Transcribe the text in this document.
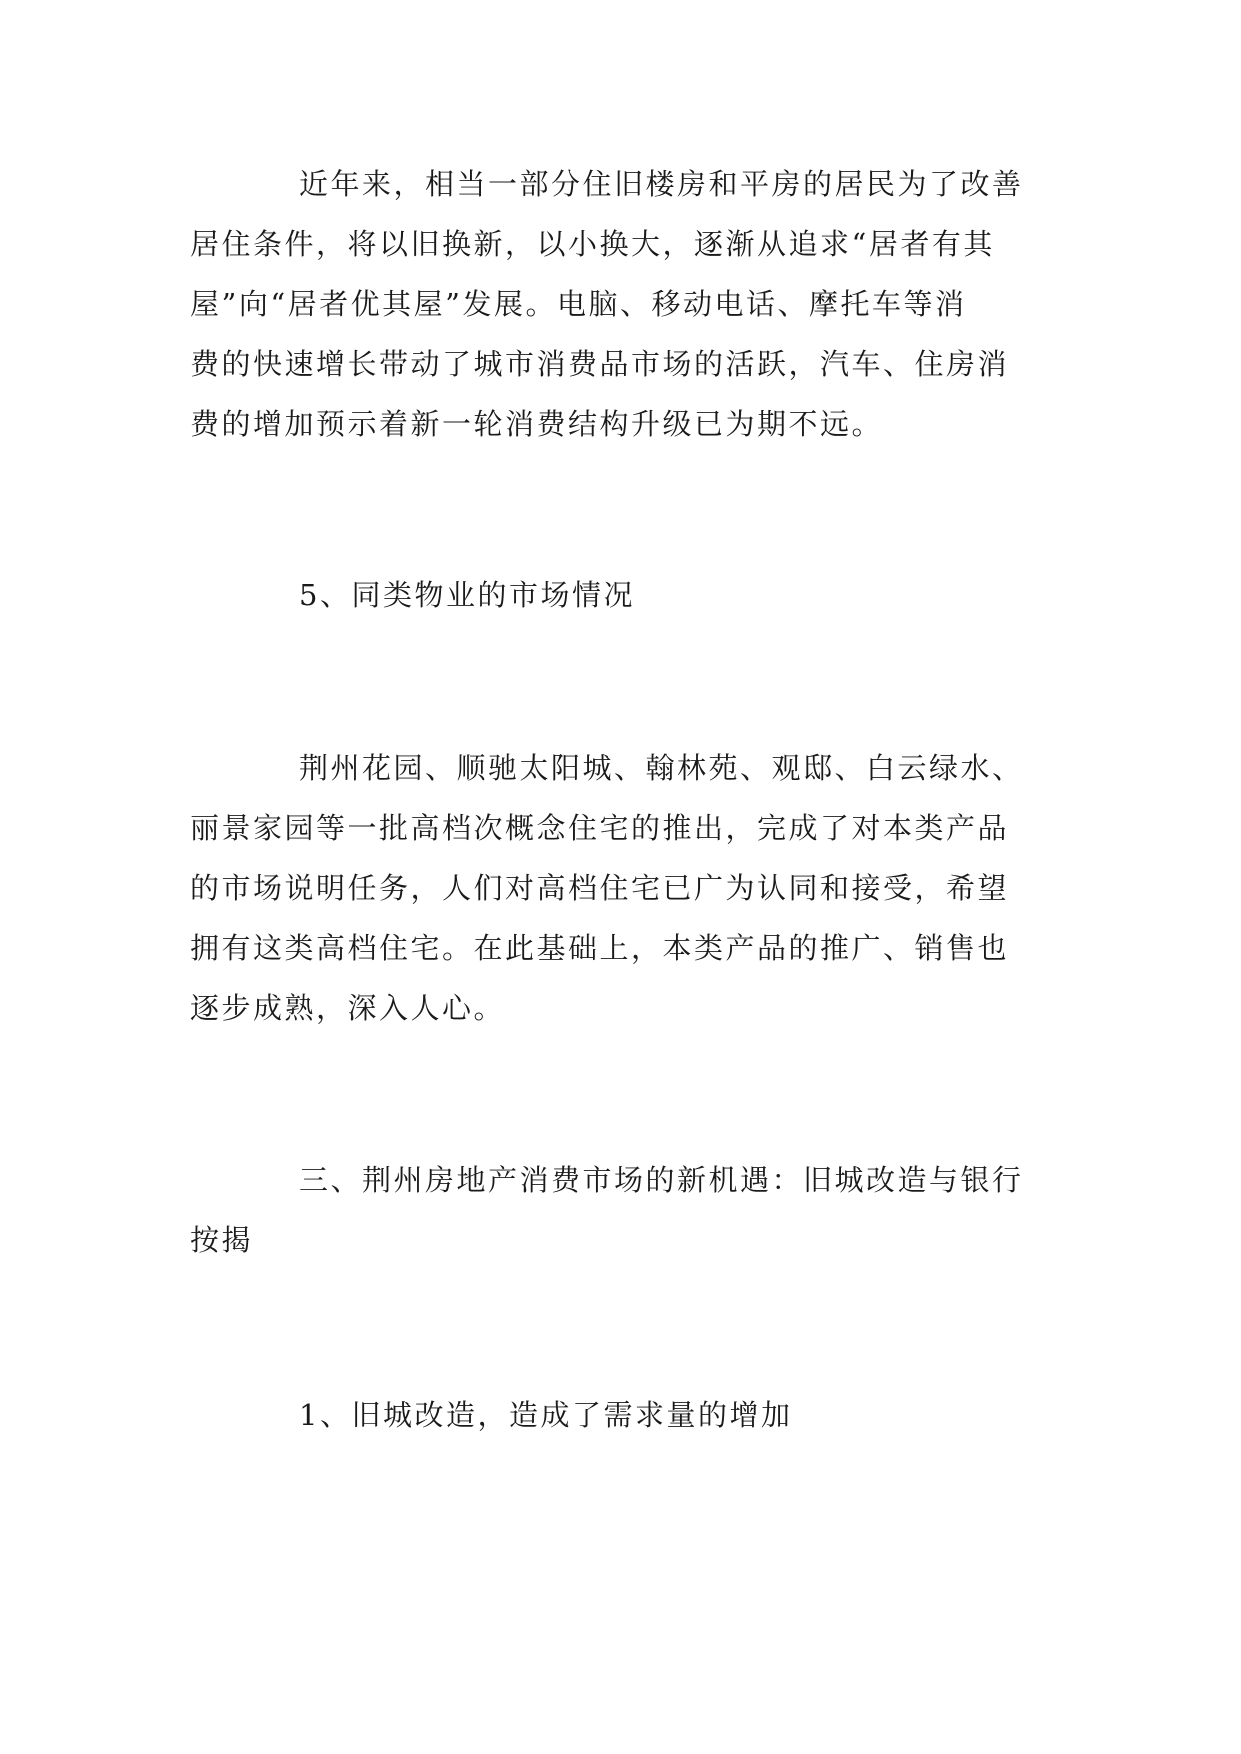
近年来，相当一部分住旧楼房和平房的居民为了改善
居住条件，将以旧换新，以小换大，逐渐从追求“居者有其
屋”向“居者优其屋”发展。电脑、移动电话、摩托车等消
费的快速增长带动了城市消费品市场的活跃，汽车、住房消
费的增加预示着新一轮消费结构升级已为期不远。
5、同类物业的市场情况
荆州花园、顺驰太阳城、翰林苑、观邸、白云绿水、
丽景家园等一批高档次概念住宅的推出，完成了对本类产品
的市场说明任务，人们对高档住宅已广为认同和接受，希望
拥有这类高档住宅。在此基础上，本类产品的推广、销售也
逐步成熟，深入人心。
三、荆州房地产消费市场的新机遇：旧城改造与银行
按揭
1、旧城改造，造成了需求量的增加
